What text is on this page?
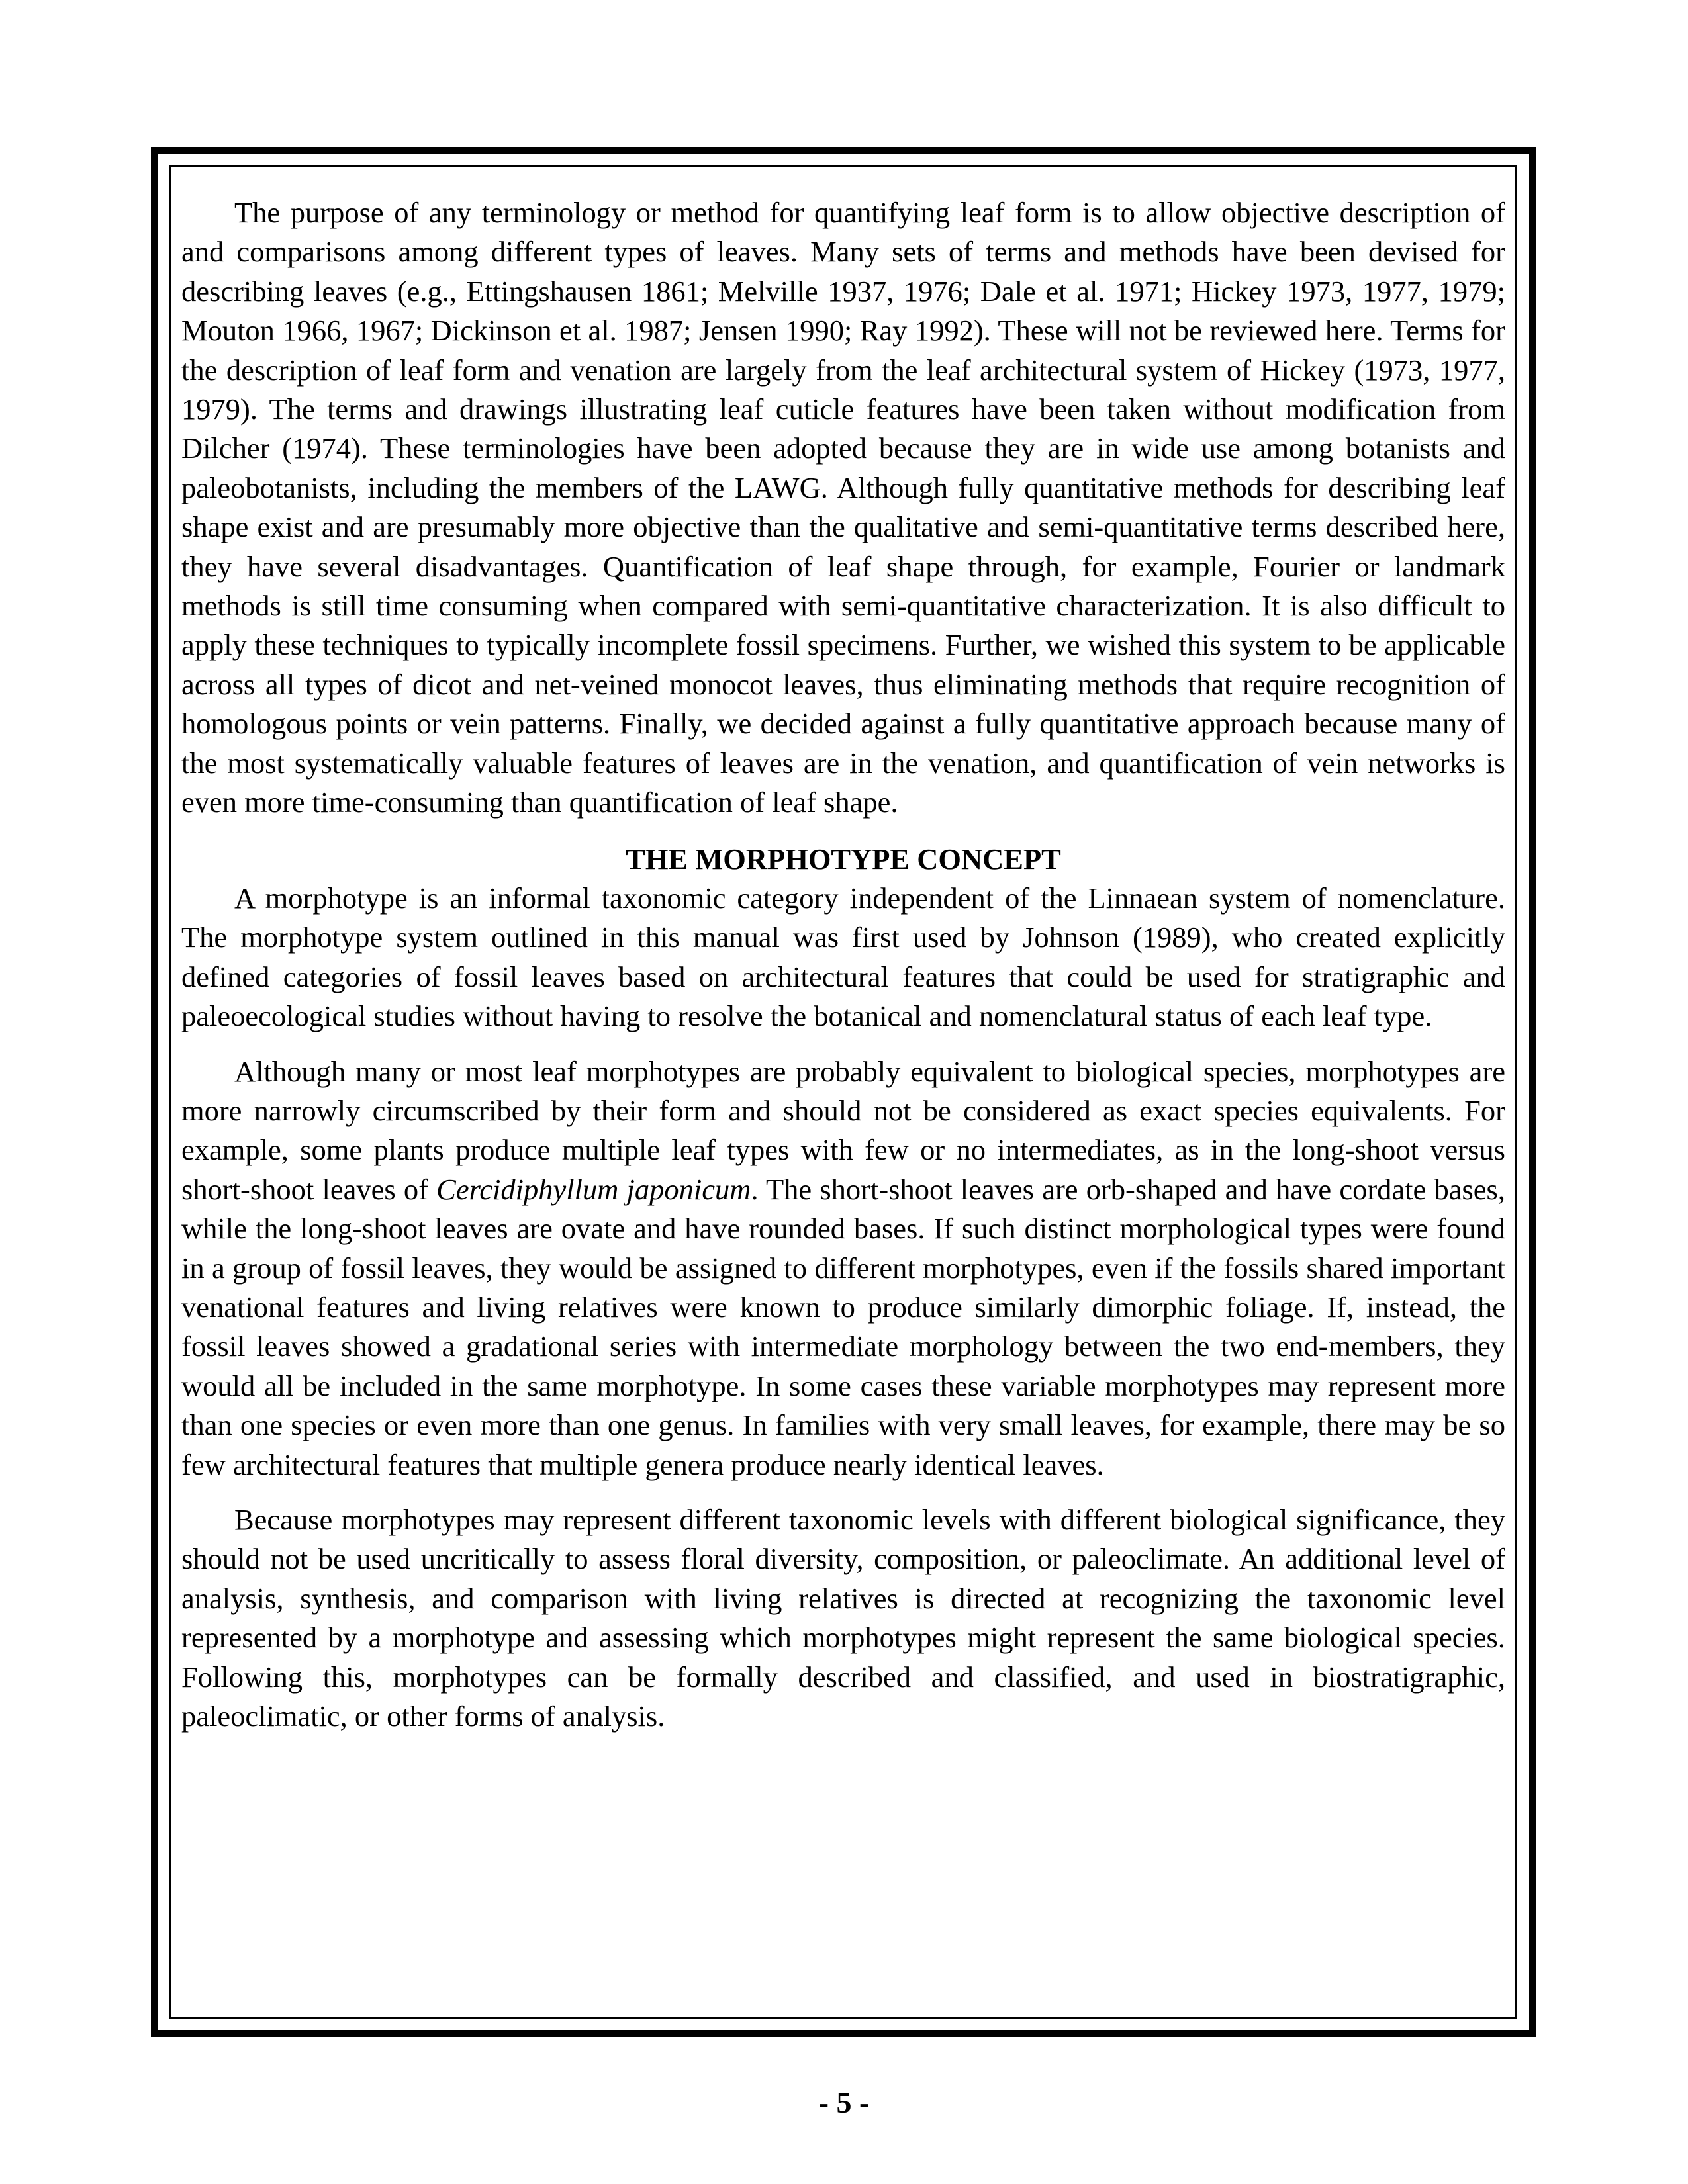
The purpose of any terminology or method for quantifying leaf form is to allow objective description of and comparisons among different types of leaves. Many sets of terms and methods have been devised for describing leaves (e.g., Ettingshausen 1861; Melville 1937, 1976; Dale et al. 1971; Hickey 1973, 1977, 1979; Mouton 1966, 1967; Dickinson et al. 1987; Jensen 1990; Ray 1992). These will not be reviewed here. Terms for the description of leaf form and venation are largely from the leaf architectural system of Hickey (1973, 1977, 1979). The terms and drawings illustrating leaf cuticle features have been taken without modification from Dilcher (1974). These terminologies have been adopted because they are in wide use among botanists and paleobotanists, including the members of the LAWG. Although fully quantitative methods for describing leaf shape exist and are presumably more objective than the qualitative and semi-quantitative terms described here, they have several disadvantages. Quantification of leaf shape through, for example, Fourier or landmark methods is still time consuming when compared with semi-quantitative characterization. It is also difficult to apply these techniques to typically incomplete fossil specimens. Further, we wished this system to be applicable across all types of dicot and net-veined monocot leaves, thus eliminating methods that require recognition of homologous points or vein patterns. Finally, we decided against a fully quantitative approach because many of the most systematically valuable features of leaves are in the venation, and quantification of vein networks is even more time-consuming than quantification of leaf shape.

THE MORPHOTYPE CONCEPT

A morphotype is an informal taxonomic category independent of the Linnaean system of nomenclature. The morphotype system outlined in this manual was first used by Johnson (1989), who created explicitly defined categories of fossil leaves based on architectural features that could be used for stratigraphic and paleoecological studies without having to resolve the botanical and nomenclatural status of each leaf type.

Although many or most leaf morphotypes are probably equivalent to biological species, morphotypes are more narrowly circumscribed by their form and should not be considered as exact species equivalents. For example, some plants produce multiple leaf types with few or no intermediates, as in the long-shoot versus short-shoot leaves of Cercidiphyllum japonicum. The short-shoot leaves are orb-shaped and have cordate bases, while the long-shoot leaves are ovate and have rounded bases. If such distinct morphological types were found in a group of fossil leaves, they would be assigned to different morphotypes, even if the fossils shared important venational features and living relatives were known to produce similarly dimorphic foliage. If, instead, the fossil leaves showed a gradational series with intermediate morphology between the two end-members, they would all be included in the same morphotype. In some cases these variable morphotypes may represent more than one species or even more than one genus. In families with very small leaves, for example, there may be so few architectural features that multiple genera produce nearly identical leaves.

Because morphotypes may represent different taxonomic levels with different biological significance, they should not be used uncritically to assess floral diversity, composition, or paleoclimate. An additional level of analysis, synthesis, and comparison with living relatives is directed at recognizing the taxonomic level represented by a morphotype and assessing which morphotypes might represent the same biological species. Following this, morphotypes can be formally described and classified, and used in biostratigraphic, paleoclimatic, or other forms of analysis.

- 5 -
